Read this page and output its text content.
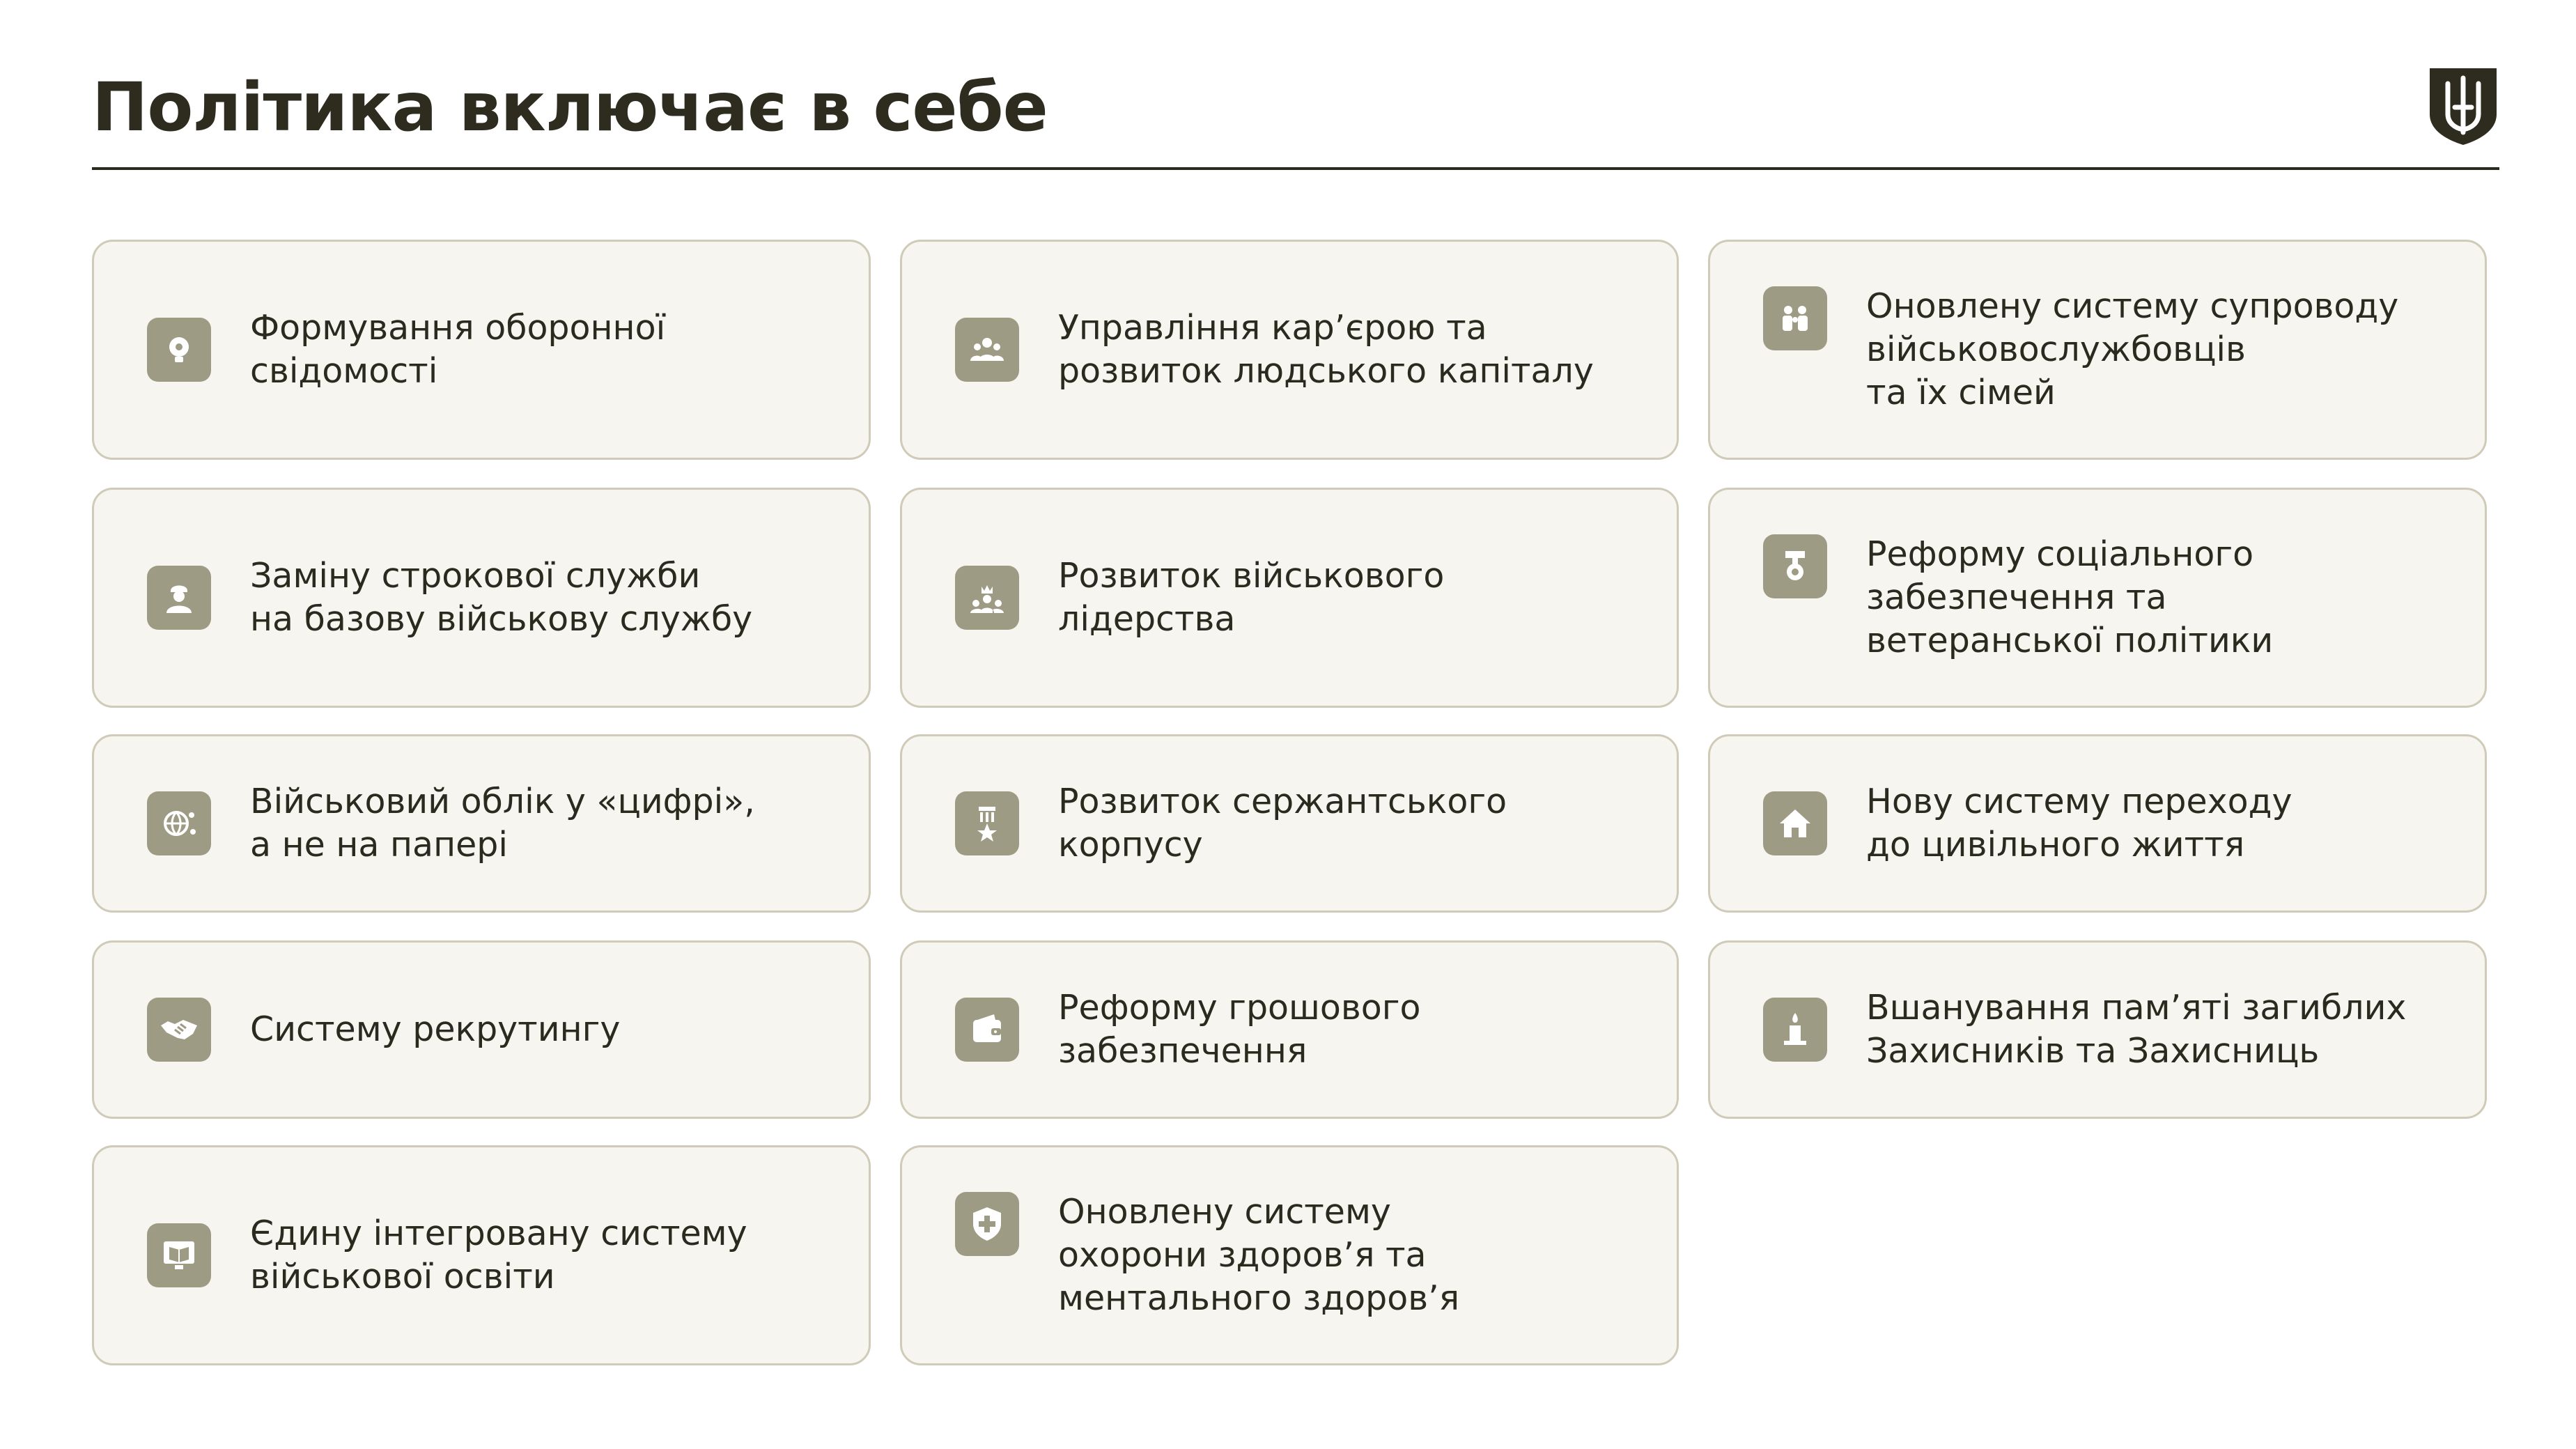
Політика включає в себе
Формування оборонної
свідомості
Управління кар’єрою та
розвиток людського капіталу
Оновлену систему супроводу
військовослужбовців
та їх сімей
Заміну строкової служби
на базову військову службу
Розвиток військового
лідерства
Реформу соціального
забезпечення та
ветеранської політики
Військовий облік у «цифрі»,
а не на папері
Розвиток сержантського
корпусу
Нову систему переходу
до цивільного життя
Систему рекрутингу
Реформу грошового
забезпечення
Вшанування пам’яті загиблих
Захисників та Захисниць
Єдину інтегровану систему
військової освіти
Оновлену систему
охорони здоров’я та
ментального здоров’я
